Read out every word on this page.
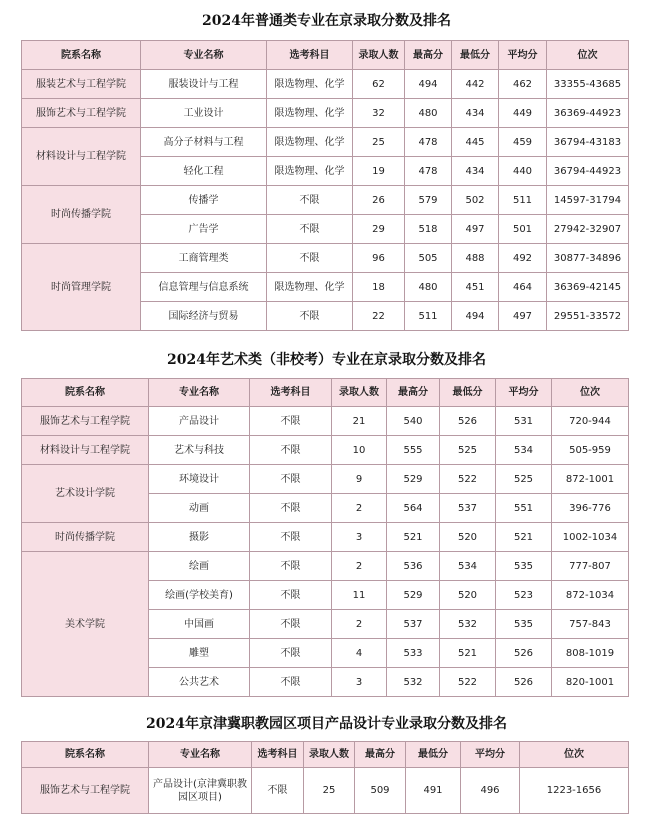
2024年普通类专业在京录取分数及排名
院系名称	专业名称	选考科目	录取人数	最高分	最低分	平均分	位次
服装艺术与工程学院	服装设计与工程	限选物理、化学	62	494	442	462	33355-43685
服饰艺术与工程学院	工业设计	限选物理、化学	32	480	434	449	36369-44923
材料设计与工程学院	高分子材料与工程	限选物理、化学	25	478	445	459	36794-43183
	轻化工程	限选物理、化学	19	478	434	440	36794-44923
时尚传播学院	传播学	不限	26	579	502	511	14597-31794
	广告学	不限	29	518	497	501	27942-32907
时尚管理学院	工商管理类	不限	96	505	488	492	30877-34896
	信息管理与信息系统	限选物理、化学	18	480	451	464	36369-42145
	国际经济与贸易	不限	22	511	494	497	29551-33572
2024年艺术类（非校考）专业在京录取分数及排名
院系名称	专业名称	选考科目	录取人数	最高分	最低分	平均分	位次
服饰艺术与工程学院	产品设计	不限	21	540	526	531	720-944
材料设计与工程学院	艺术与科技	不限	10	555	525	534	505-959
艺术设计学院	环境设计	不限	9	529	522	525	872-1001
	动画	不限	2	564	537	551	396-776
时尚传播学院	摄影	不限	3	521	520	521	1002-1034
美术学院	绘画	不限	2	536	534	535	777-807
	绘画(学校美育)	不限	11	529	520	523	872-1034
	中国画	不限	2	537	532	535	757-843
	雕塑	不限	4	533	521	526	808-1019
	公共艺术	不限	3	532	522	526	820-1001
2024年京津冀职教园区项目产品设计专业录取分数及排名
院系名称	专业名称	选考科目	录取人数	最高分	最低分	平均分	位次
服饰艺术与工程学院	产品设计(京津冀职教园区项目)	不限	25	509	491	496	1223-1656
